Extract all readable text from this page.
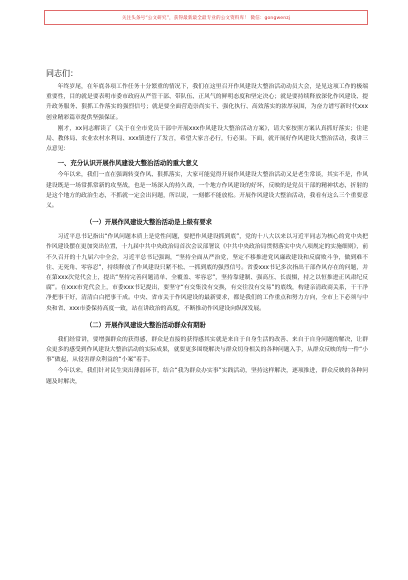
关注头条号“公文研究”，获得最新最全最专业的公文资料库！ 微信：gongwenzj
同志们：

年终岁尾，在年底各项工作任务十分繁重的情况下，我们在这里召开作风建设大整治活动动员大会，是见这项工作的极端重要性，目的就是要表明市委市政府从严管干部、带队伍、正风气的鲜明态度和坚定决心；就是要持续释放深化作风建设、提升政务服务、狠抓工作落实的强烈信号；就是要全面营造崇尚实干、强化执行、高效落实的浓厚氛围，为奋力谱写新时代xxx创业精彩篇章提供坚强保证。

刚才，xx同志解读了《关于在全市党员干部中开展xxx作风建设大整治活动方案》，请大家按照方案认真抓好落实；住建局、教体局、农业农村水利局、xxx镇进行了发言，希望大家言必行，行必果。下面，就开展好作风建设大整治活动，我讲三点意见：

一、充分认识开展作风建设大整治活动的重大意义

今年以来，我们一直在强调转变作风、狠抓落实，大家可能觉得开展作风建设大整治活动又是老生常谈，其实不是，作风建设既是一场常抓常新的攻坚战，也是一场深入的持久战，一个地方作风建设的好坏，反映的是党员干部的精神状态，折射的是这个地方的政治生态，不抓就一定会出问题，所以说，一刻都不能放松。开展作风建设大整治活动，我看有这么三个重要意义。

（一）开展作风建设大整治活动是上级有要求

习近平总书记指出“作风问题本质上是党性问题，要把作风建设抓到底”，党的十八大以来以习近平同志为核心的党中央把作风建设摆在更加突出位置，十九届中共中央政治局首次会议部署议《中共中央政治局贯彻落实中央八项规定的实施细则》，前不久召开的十九届六中全会，习近平总书记强调，“坚持全面从严治党，坚定不移推进党风廉政建设和反腐败斗争，做到难不住、无死角、零容忍”，持续释放了作风建设只紧不松、一抓到底的强烈信号。省委xxx书记多次指出干部作风存在的问题，并在第xxx次党代会上，提出“坚持完善问题清单、全覆盖、零容忍”，坚持靠建制、强高压、长震慑，持之以恒推进正风肃纪反腐”。在xxx市党代会上，市委xxx书记提出，要坚守“有交集没有交换，有交往没有交易”的底线，构建亲清政商关系，干干净净把事干好，清清白白把事干成。中央、省市关于作风建设的最新要求，都是我们的工作重点和努力方向，全市上下必须与中央和省、xxx市委保持高度一致，站在讲政治的高度，不断推动作风建设向纵深发展。

（二）开展作风建设大整治活动群众有期盼

我们经常讲，要增强群众的获得感，群众是直接的获得感其实就是来自于自身生活的改善、来自于自身问题的解决，让群众更多的感受到作风建设大整治活动的实际成果，就要更多围绕解决与群众切身相关的各种问题入手，从群众反映的每一件“小事”做起，从侵害群众利益的“小案”着手。

今年以来，我们针对民生突出薄弱环节，结合“我为群众办实事”实践活动，坚持这样解决，逐项推进，群众反映的各种问题及时解决，
